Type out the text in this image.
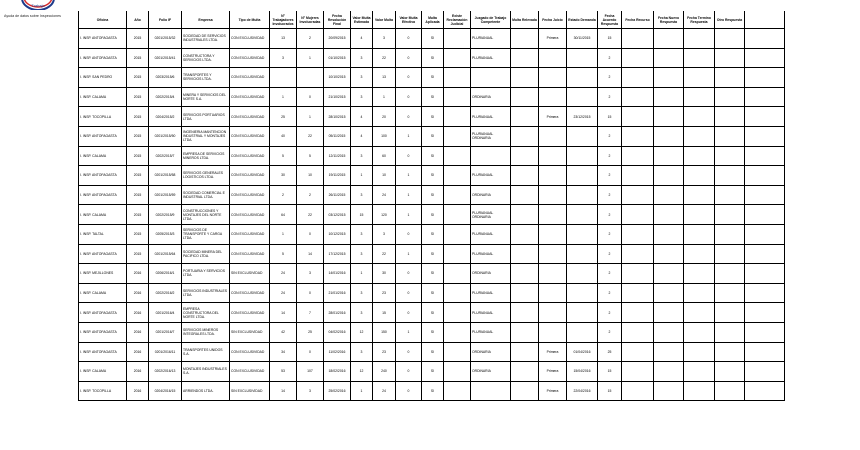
Trabajo
Ayuda de datos sobre Inspecciones
Oficina	Año	Folio IF	Empresa	Tipo de Multa	N° Trabajadores Involucrados	N° Mujeres Involucradas	Fecha Resolución Final	Valor Multa Estimada	Valor Multa	Valor Multa Efectiva	Multa Aplicada	Existe Reclamación Judicial	Juzgado de Trabajo Competente	Multa Relevada	Fecha Juicio	Estado Demanda	Fecha Acuerdo Respuesta	Fecha Recurso	Fecha Nuevo Respuesta	Fecha Termino Respuesta	Otro Respuesta	
I. INSP. ANTOFAGASTA	2015	0201/2015/32	SOCIEDAD DE SERVICIOS INDUSTRIALES LTDA.	CON EXCLUSIVIDAD	13	2	20/09/2015	4	3	0	SI		PLURIANUAL		Primera	30/11/2015	15					
I. INSP. ANTOFAGASTA	2015	0201/2015/41	CONSTRUCTORA Y SERVICIOS LTDA.	CON EXCLUSIVIDAD	3	1	01/10/2015	3	22	0	SI		PLURIANUAL				2					
I. INSP. SAN PEDRO	2015	0203/2015/6	TRANSPORTES Y SERVICIOS LTDA.	CON EXCLUSIVIDAD			10/10/2015	3	13	0	SI						2					
I. INSP. CALAMA	2015	0202/2015/4	MINERA Y SERVICIOS DEL NORTE S.A.	CON EXCLUSIVIDAD	1	0	21/10/2015	3	1	0	SI		ORDINARIA				2					
I. INSP. TOCOPILLA	2015	0204/2015/2	SERVICIOS PORTUARIOS LTDA.	CON EXCLUSIVIDAD	25	1	28/10/2015	4	20	0	SI		PLURIANUAL		Primera	23/12/2015	15					
I. INSP. ANTOFAGASTA	2015	0201/2015/50	INGENIERIA MANTENCION INDUSTRIAL Y MONTAJES LTDA.	CON EXCLUSIVIDAD	40	22	05/11/2015	4	100	1	SI		PLURIANUAL ORDINARIA				2					
I. INSP. CALAMA	2015	0202/2015/7	EMPRESA DE SERVICIOS MINEROS LTDA.	CON EXCLUSIVIDAD	5	5	12/11/2015	3	60	0	SI						2					
I. INSP. ANTOFAGASTA	2015	0201/2015/58	SERVICIOS GENERALES LOGISTICOS LTDA.	CON EXCLUSIVIDAD	30	10	19/11/2015	1	10	1	SI		PLURIANUAL				2					
I. INSP. ANTOFAGASTA	2015	0201/2015/59	SOCIEDAD COMERCIAL E INDUSTRIAL LTDA.	CON EXCLUSIVIDAD	2	2	26/11/2015	3	24	1	SI		ORDINARIA				2					
I. INSP. CALAMA	2015	0202/2015/9	CONSTRUCCIONES Y MONTAJES DEL NORTE LTDA.	CON EXCLUSIVIDAD	64	22	03/12/2015	15	120	1	SI		PLURIANUAL ORDINARIA				2					
I. INSP. TALTAL	2015	0205/2015/3	SERVICIOS DE TRANSPORTE Y CARGA LTDA.	CON EXCLUSIVIDAD	1	0	10/12/2015	3	3	0	SI		PLURIANUAL				2					
I. INSP. ANTOFAGASTA	2015	0201/2015/64	SOCIEDAD MINERA DEL PACIFICO LTDA.	CON EXCLUSIVIDAD	5	14	17/12/2015	3	22	1	SI		PLURIANUAL				2					
I. INSP. MEJILLONES	2016	0206/2016/1	PORTUARIA Y SERVICIOS LTDA.	SIN EXCLUSIVIDAD	24	3	14/01/2016	1	30	0	SI		ORDINARIA				2					
I. INSP. CALAMA	2016	0202/2016/2	SERVICIOS INDUSTRIALES LTDA.	CON EXCLUSIVIDAD	24	0	21/01/2016	3	23	0	SI		PLURIANUAL				2					
I. INSP. ANTOFAGASTA	2016	0201/2016/4	EMPRESA CONSTRUCTORA DEL NORTE LTDA.	CON EXCLUSIVIDAD	14	7	28/01/2016	3	15	0	SI		PLURIANUAL				2					
I. INSP. ANTOFAGASTA	2016	0201/2016/7	SERVICIOS MINEROS INTEGRALES LTDA.	SIN EXCLUSIVIDAD	42	25	04/02/2016	12	150	1	SI		PLURIANUAL				2					
I. INSP. ANTOFAGASTA	2016	0201/2016/11	TRANSPORTES UNIDOS S.A.	CON EXCLUSIVIDAD	34	0	11/02/2016	3	23	0	SI		ORDINARIA		Primera	01/04/2016	25					
I. INSP. CALAMA	2016	0202/2016/13	MONTAJES INDUSTRIALES S.A.	CON EXCLUSIVIDAD	53	107	18/02/2016	12	240	0	SI		ORDINARIA		Primera	15/04/2016	15					
I. INSP. TOCOPILLA	2016	0204/2016/15	ARRIENDOS LTDA.	SIN EXCLUSIVIDAD	14	3	25/02/2016	1	24	0	SI				Primera	22/04/2016	15					
